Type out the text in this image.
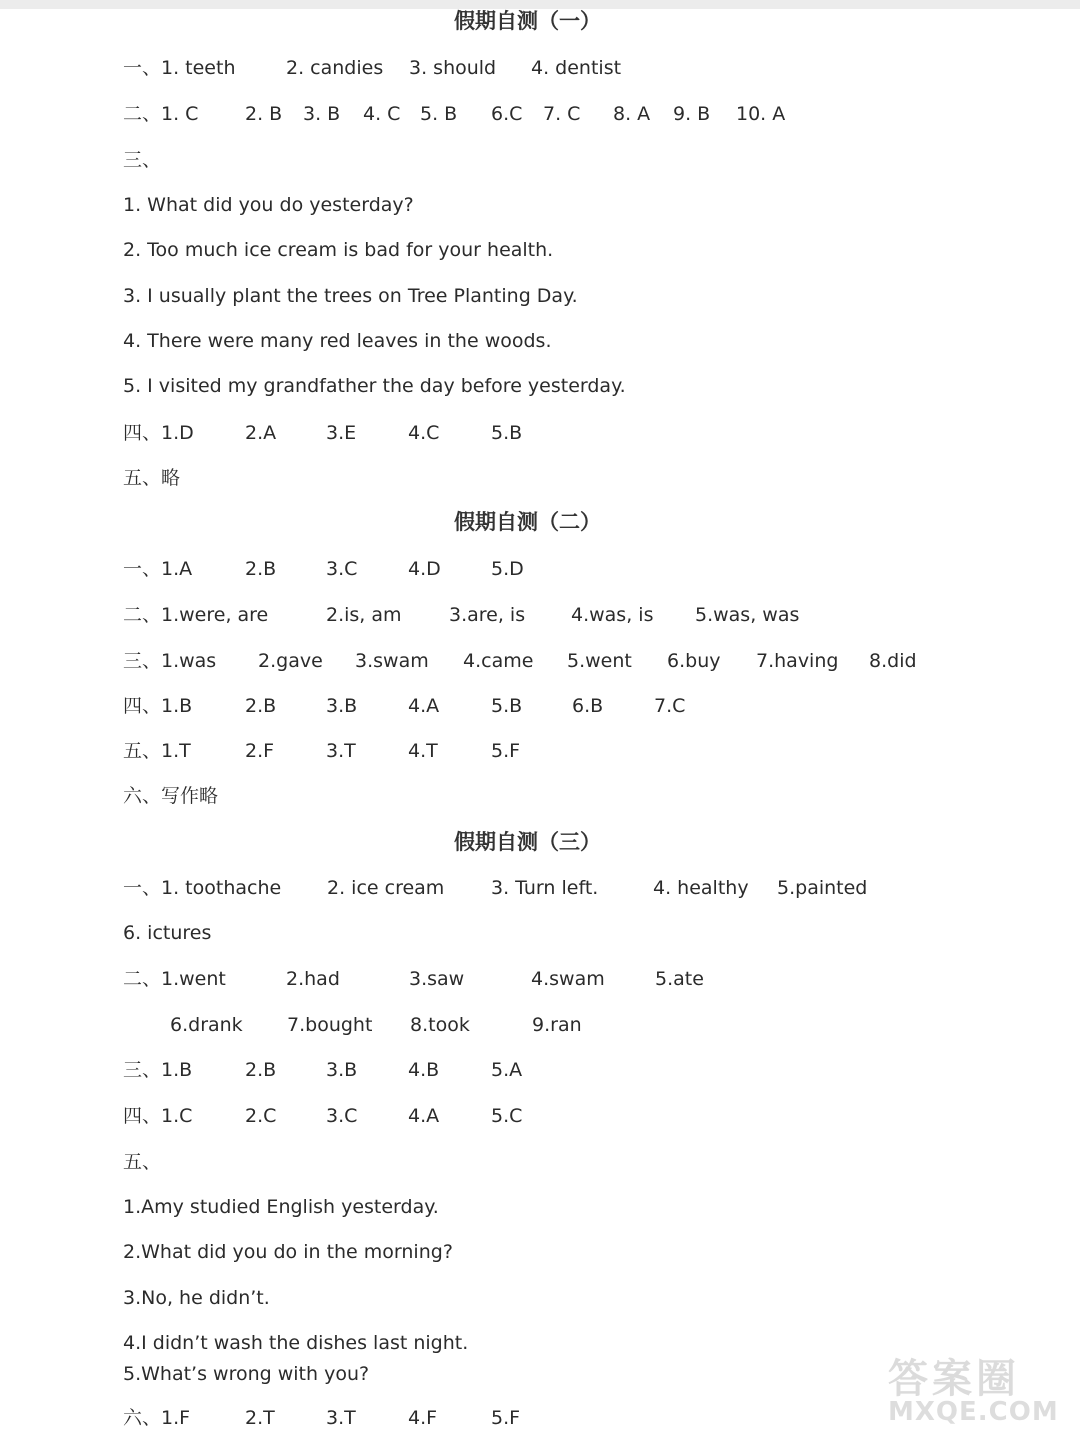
假期自测（一）
一、1. teeth	2. candies 3. should 4. dentist
二、1. C 2. B 3. B 4. C 5. B 6.C 7. C 8. A 9. B 10. A
三、
1. What did you do yesterday?
2. Too much ice cream is bad for your health.
3. I usually plant the trees on Tree Planting Day.
4. There were many red leaves in the woods.
5. I visited my grandfather the day before yesterday.
四、1.D	2.A	3.E	4.C	5.B
五、略
假期自测（二）
一、1.A	2.B	3.C	4.D	5.D
二、1.were, are	2.is, am 3.are, is 4.was, is 5.was, was
三、1.was 2.gave 3.swam 4.came 5.went 6.buy 7.having 8.did
四、1.B	2.B	3.B	4.A	5.B	6.B	7.C
五、1.T	2.F	3.T	4.T	5.F
六、写作略
假期自测（三）
一、1. toothache 2. ice cream 3. Turn left.	4. healthy 5.painted
6. ictures
二、1.went	2.had	3.saw	4.swam	5.ate
6.drank 7.bought 8.took	9.ran
三、1.B	2.B	3.B	4.B	5.A
四、1.C	2.C	3.C	4.A	5.C
五、
1.Amy studied English yesterday.
2.What did you do in the morning?
3.No, he didn’t.
4.I didn’t wash the dishes last night.
5.What’s wrong with you?
六、1.F	2.T	3.T	4.F	5.F
答案圈
MXQE.COM
